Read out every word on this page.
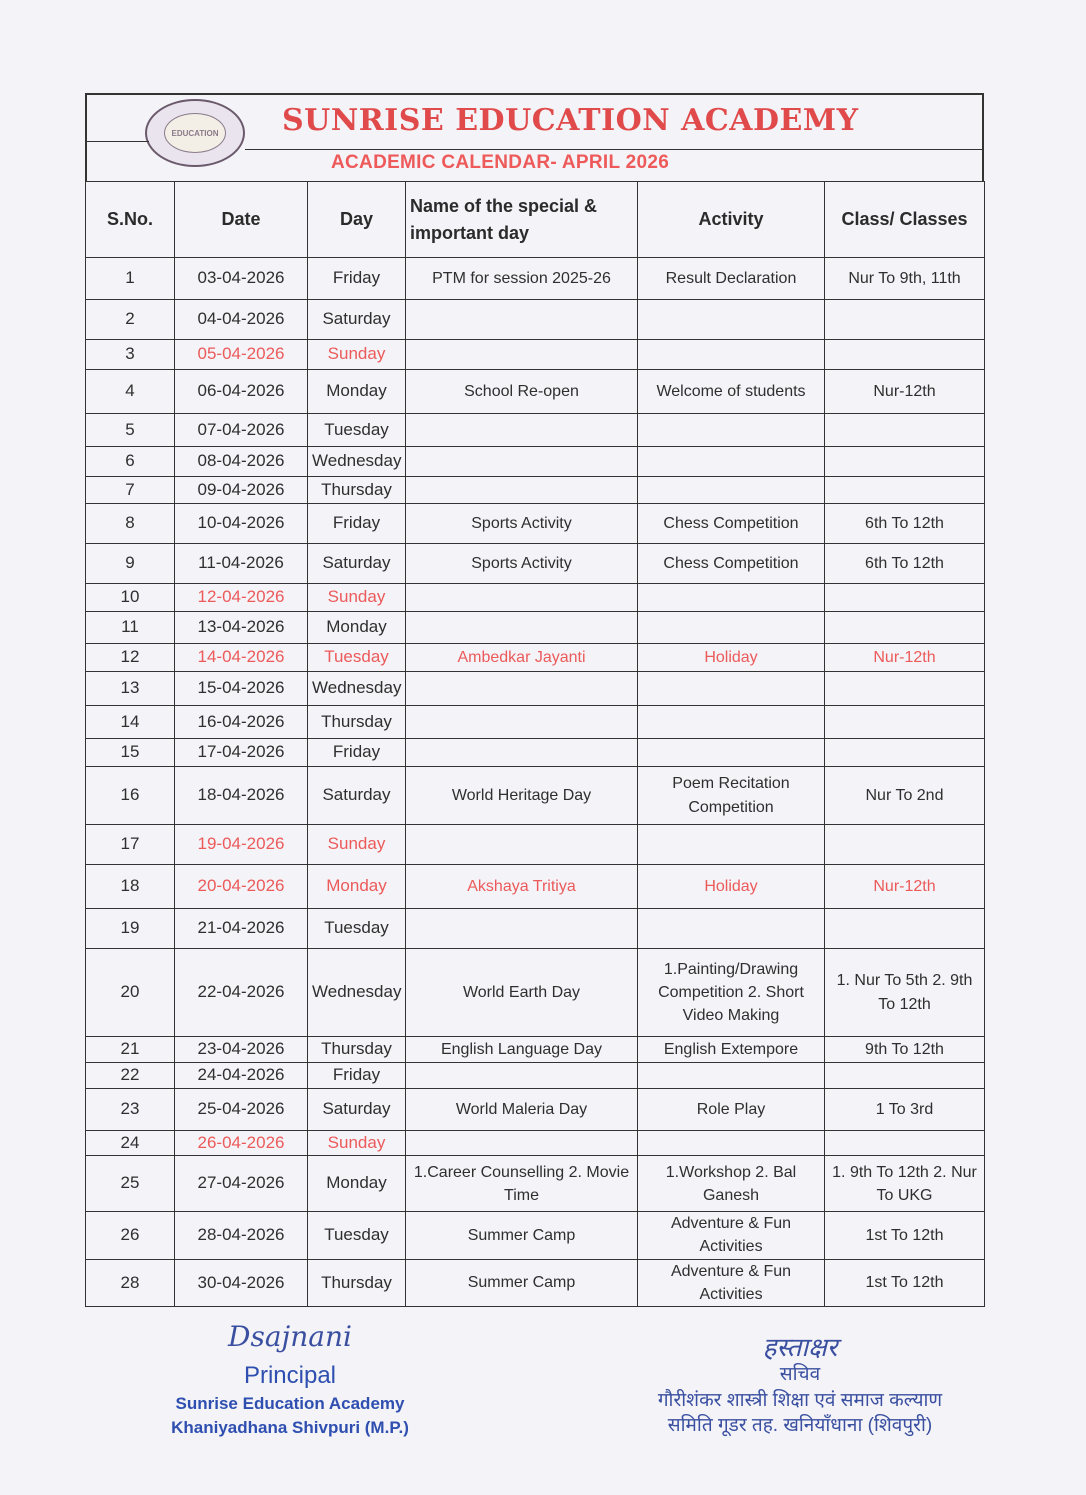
EDUCATION SUNRISE EDUCATION ACADEMY
ACADEMIC CALENDAR- APRIL 2026
S.No.	Date	Day	Name of the special & important day	Activity	Class/ Classes
1	03-04-2026	Friday	PTM for session 2025-26	Result Declaration	Nur To 9th, 11th
2	04-04-2026	Saturday			
3	05-04-2026	Sunday			
4	06-04-2026	Monday	School Re-open	Welcome of students	Nur-12th
5	07-04-2026	Tuesday			
6	08-04-2026	Wednesday			
7	09-04-2026	Thursday			
8	10-04-2026	Friday	Sports Activity	Chess Competition	6th To 12th
9	11-04-2026	Saturday	Sports Activity	Chess Competition	6th To 12th
10	12-04-2026	Sunday			
11	13-04-2026	Monday			
12	14-04-2026	Tuesday	Ambedkar Jayanti	Holiday	Nur-12th
13	15-04-2026	Wednesday			
14	16-04-2026	Thursday			
15	17-04-2026	Friday			
16	18-04-2026	Saturday	World Heritage Day	Poem Recitation Competition	Nur To 2nd
17	19-04-2026	Sunday			
18	20-04-2026	Monday	Akshaya Tritiya	Holiday	Nur-12th
19	21-04-2026	Tuesday			
20	22-04-2026	Wednesday	World Earth Day	1.Painting/Drawing Competition 2. Short Video Making	1. Nur To 5th 2. 9th To 12th
21	23-04-2026	Thursday	English Language Day	English Extempore	9th To 12th
22	24-04-2026	Friday			
23	25-04-2026	Saturday	World Maleria Day	Role Play	1 To 3rd
24	26-04-2026	Sunday			
25	27-04-2026	Monday	1.Career Counselling 2. Movie Time	1.Workshop 2. Bal Ganesh	1. 9th To 12th 2. Nur To UKG
26	28-04-2026	Tuesday	Summer Camp	Adventure & Fun Activities	1st To 12th
28	30-04-2026	Thursday	Summer Camp	Adventure & Fun Activities	1st To 12th
Dsajnani
Principal
Sunrise Education Academy
Khaniyadhana Shivpuri (M.P.)
हस्ताक्षर
सचिव
गौरीशंकर शास्त्री शिक्षा एवं समाज कल्याण
समिति गूडर तह. खनियाँधाना (शिवपुरी)
